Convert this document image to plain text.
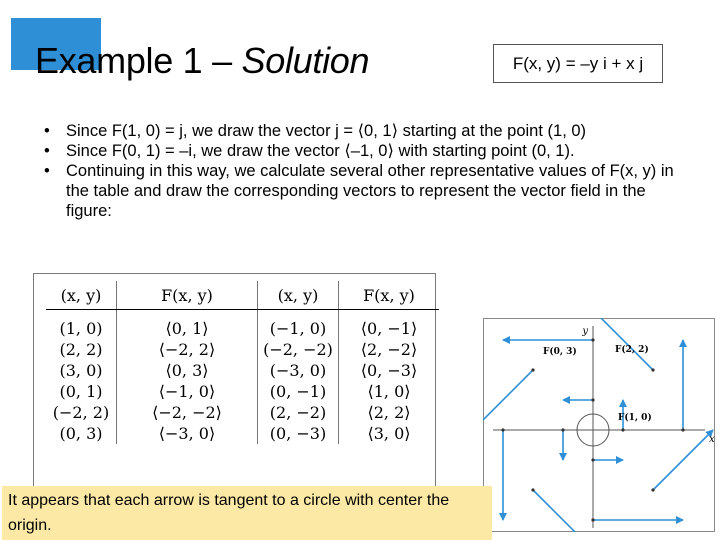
Example 1 – Solution	F(x, y) = –y i + x j
• Since F(1, 0) = j, we draw the vector j = ⟨0, 1⟩ starting at the point (1, 0)
• Since F(0, 1) = –i, we draw the vector ⟨–1, 0⟩ with starting point (0, 1).
• Continuing in this way, we calculate several other representative values of F(x, y) in the table and draw the corresponding vectors to represent the vector field in the figure:
(x, y)	F(x, y)	(x, y)	F(x, y)
(1, 0)	⟨0, 1⟩	(−1, 0)	⟨0, −1⟩
(2, 2)	⟨−2, 2⟩	(−2, −2)	⟨2, −2⟩
(3, 0)	⟨0, 3⟩	(−3, 0)	⟨0, −3⟩
(0, 1)	⟨−1, 0⟩	(0, −1)	⟨1, 0⟩
(−2, 2)	⟨−2, −2⟩	(2, −2)	⟨2, 2⟩
(0, 3)	⟨−3, 0⟩	(0, −3)	⟨3, 0⟩
y
x
F(0, 3)	F(2, 2)
F(1, 0)
It appears that each arrow is tangent to a circle with center the origin.
